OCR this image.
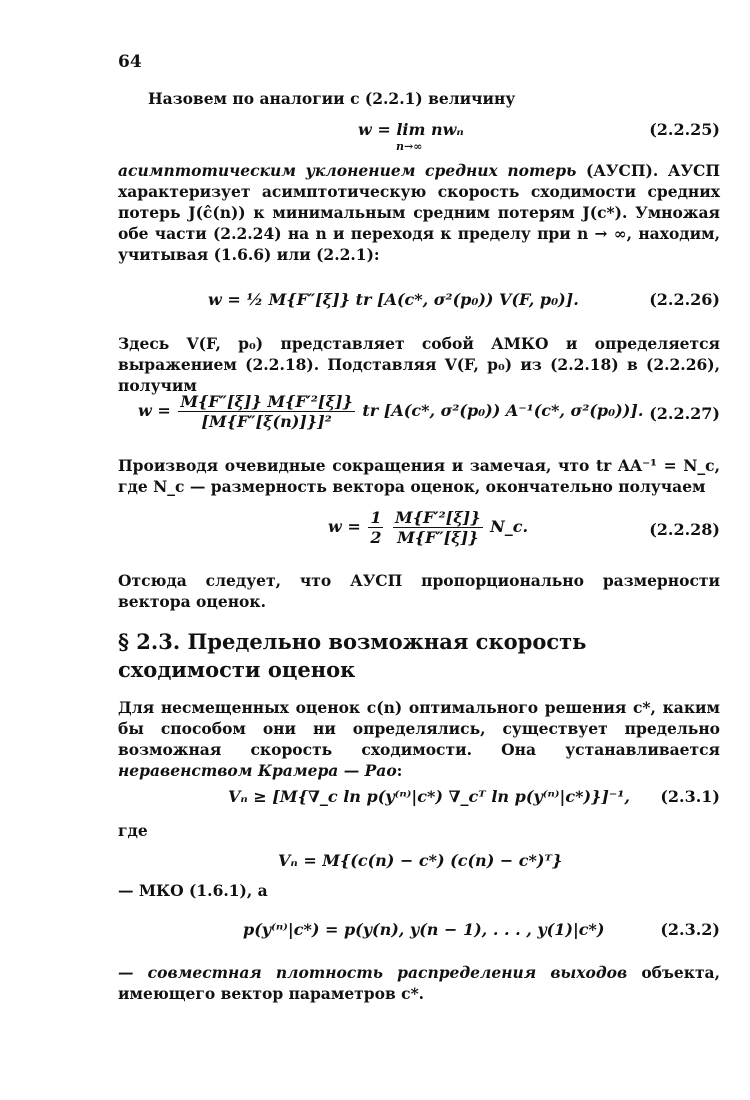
64
Назовем по аналогии с (2.2.1) величину
w = lim nwₙ
n→∞
(2.2.25)
асимптотическим уклонением средних потерь (АУСП). АУСП характеризует асимптотическую скорость сходимости средних потерь J(ĉ(n)) к минимальным средним потерям J(c*). Умножая обе части (2.2.24) на n и переходя к пределу при n → ∞, находим, учитывая (1.6.6) или (2.2.1):
w = ½ M{F″[ξ]} tr [A(c*, σ²(p₀)) V(F, p₀)].	(2.2.26)
Здесь V(F, p₀) представляет собой АМКО и определяется выражением (2.2.18). Подставляя V(F, p₀) из (2.2.18) в (2.2.26), получим
$w = \frac{\text{M\{F″[ξ]\} M\{F′²[ξ]\}}}{\text{[M\{F″[ξ(n)]\}]²}}$ tr [A(c*, σ²(p₀)) A⁻¹(c*, σ²(p₀))]. (2.2.27)
Производя очевидные сокращения и замечая, что tr AA⁻¹ = N_c, где N_c — размерность вектора оценок, окончательно получаем
$w = \frac{1}{2}$
$\frac{\text{M\{F′²[ξ]\}}}{M\{F''[\xi]\}}$ N_c.	(2.2.28)
Отсюда следует, что АУСП пропорционально размерности вектора оценок.
§ 2.3. Предельно возможная скорость сходимости оценок
Для несмещенных оценок c(n) оптимального решения c*, каким бы способом они ни определялись, существует предельно возможная скорость сходимости. Она устанавливается неравенством Крамера — Рао:
Vₙ ≥ [M{∇_c ln p(y⁽ⁿ⁾|c*) ∇_cᵀ ln p(y⁽ⁿ⁾|c*)}]⁻¹, (2.3.1)
где
Vₙ = M{(c(n) − c*) (c(n) − c*)ᵀ}
— МКО (1.6.1), а
p(y⁽ⁿ⁾|c*) = p(y(n), y(n − 1), . . . , y(1)|c*)	(2.3.2)
— совместная плотность распределения выходов объекта, имеющего вектор параметров c*.
